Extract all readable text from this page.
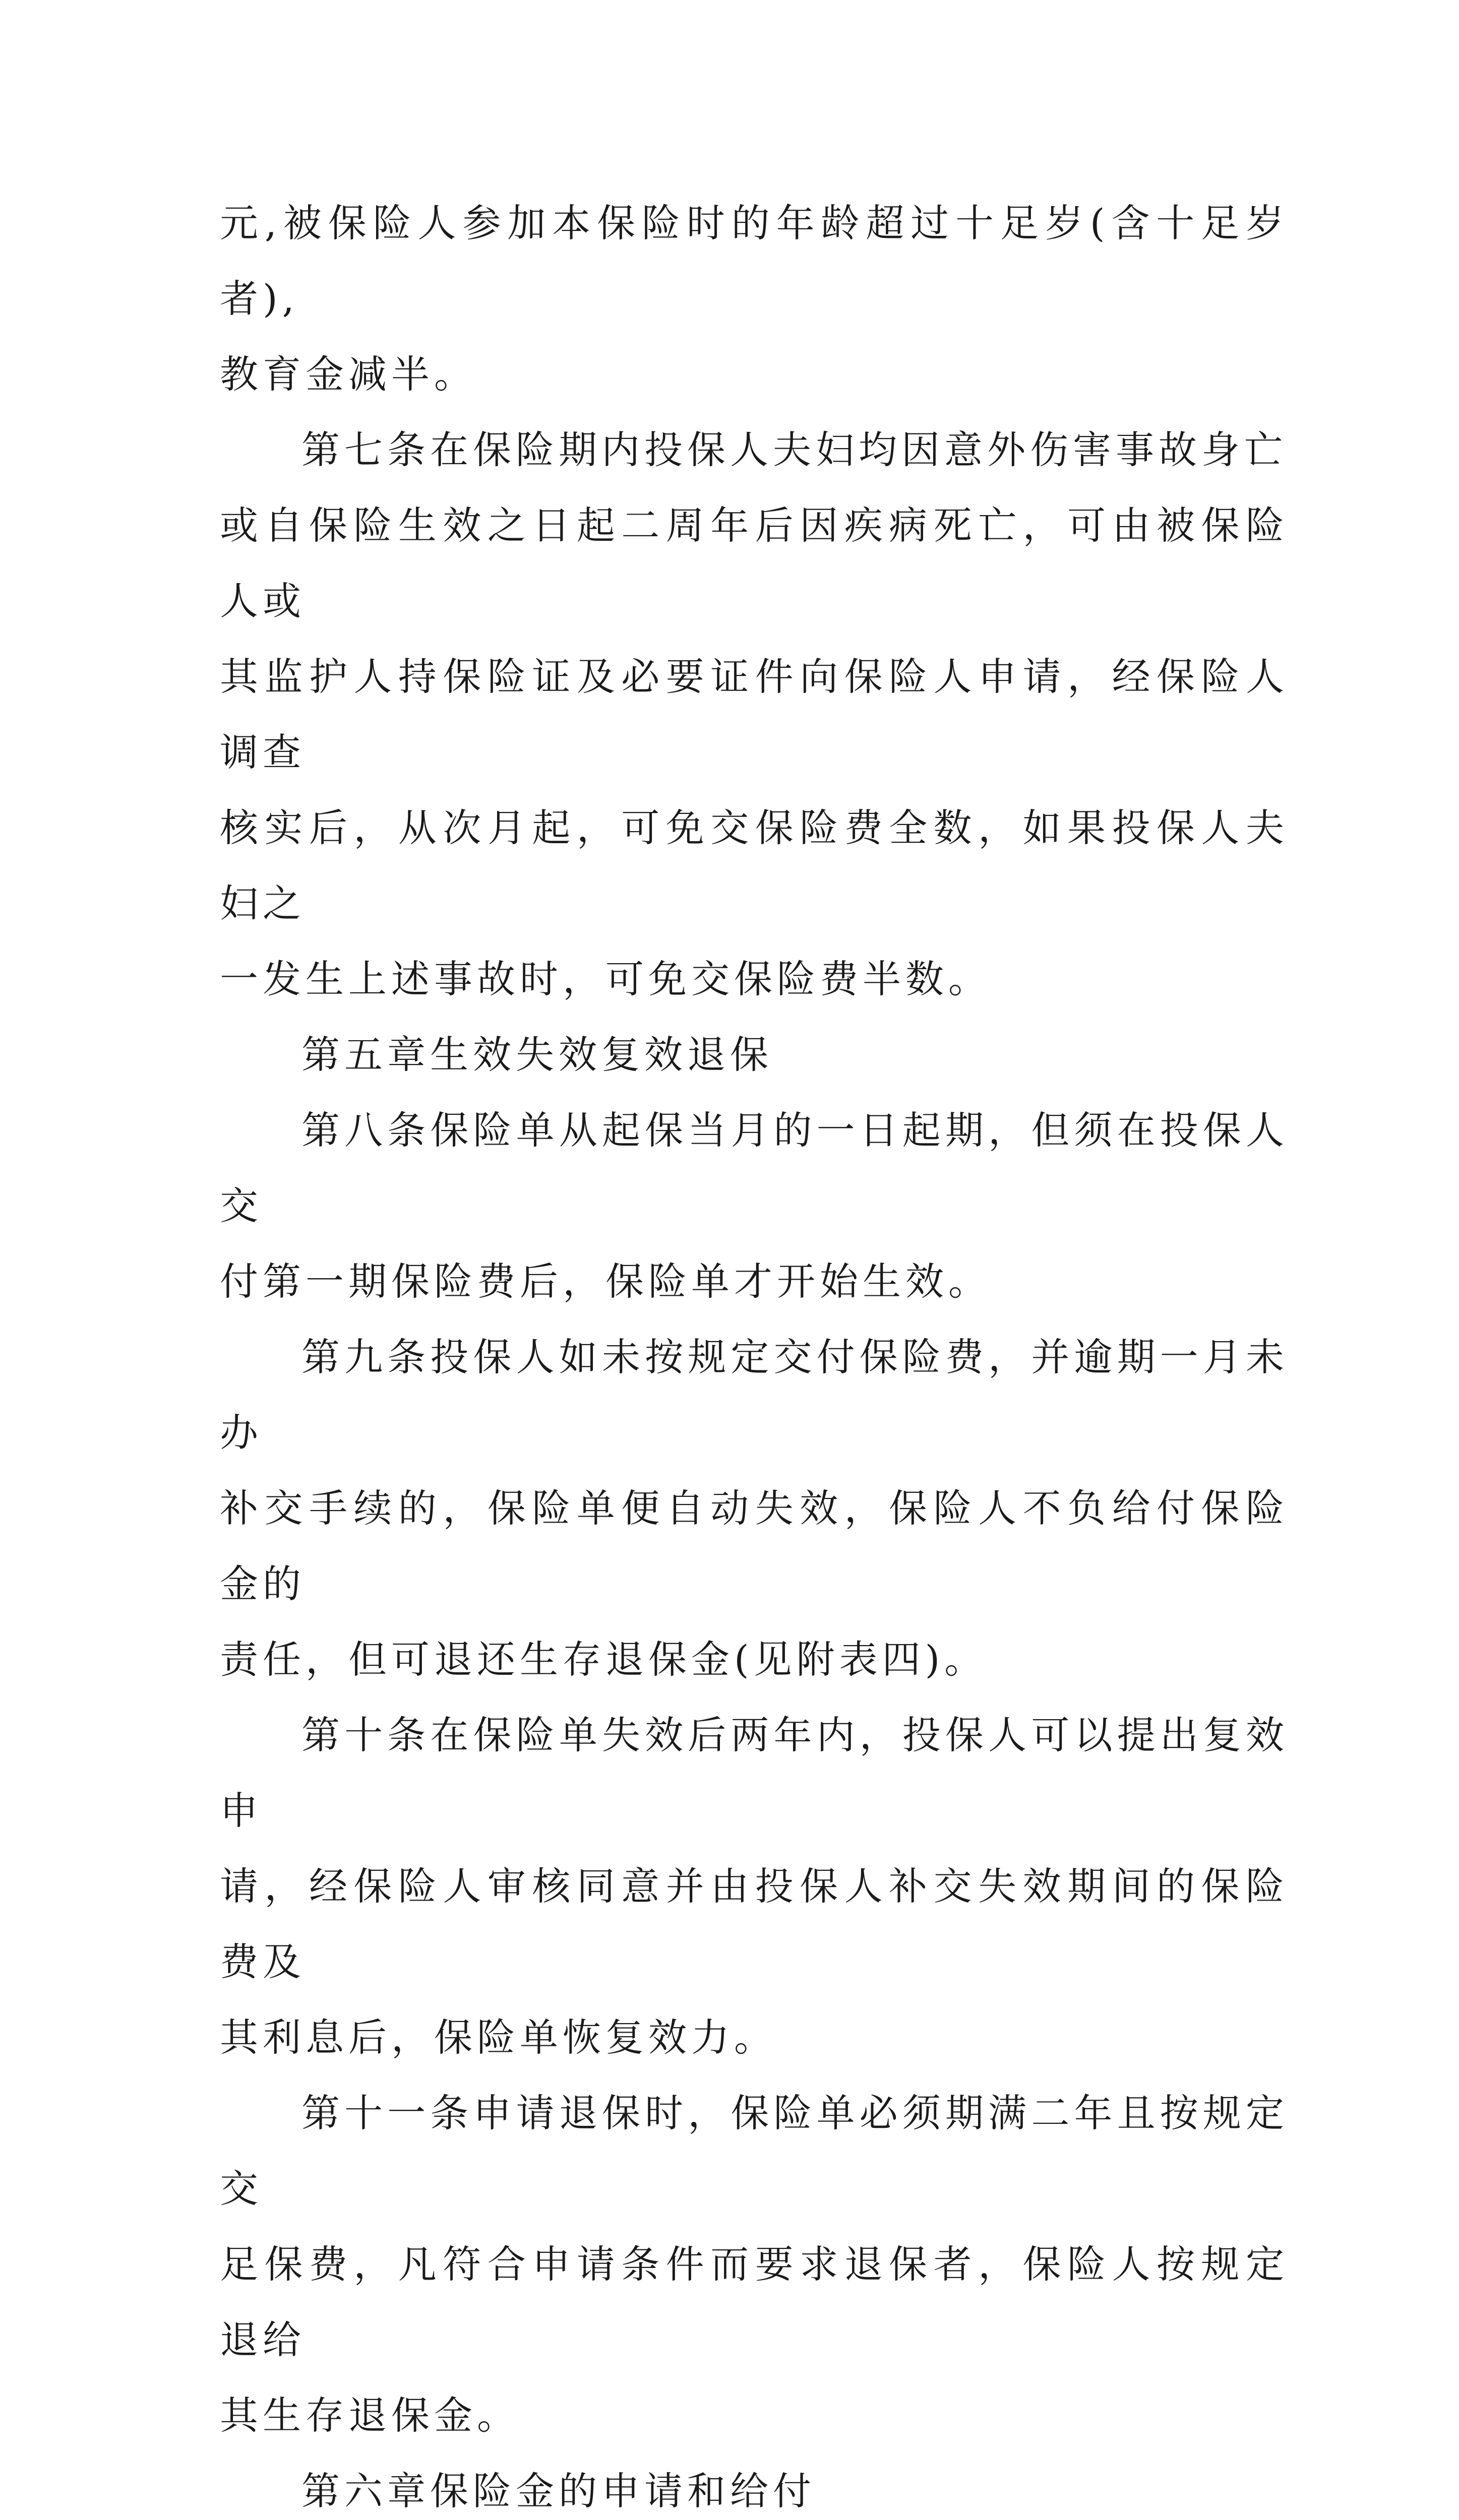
元,被保险人参加本保险时的年龄超过十足岁(含十足岁者),
教育金减半。

第七条在保险期内投保人夫妇均因意外伤害事故身亡
或自保险生效之日起二周年后因疾病死亡，可由被保险人或
其监护人持保险证及必要证件向保险人申请，经保险人调查
核实后，从次月起，可免交保险费全数，如果投保人夫妇之
一发生上述事故时，可免交保险费半数。

第五章生效失效复效退保

第八条保险单从起保当月的一日起期，但须在投保人交
付第一期保险费后，保险单才开始生效。

第九条投保人如未按规定交付保险费，并逾期一月未办
补交手续的，保险单便自动失效，保险人不负给付保险金的
责任，但可退还生存退保金(见附表四)。

第十条在保险单失效后两年内，投保人可以提出复效申
请，经保险人审核同意并由投保人补交失效期间的保险费及
其利息后，保险单恢复效力。

第十一条申请退保时，保险单必须期满二年且按规定交
足保费，凡符合申请条件而要求退保者，保险人按规定退给
其生存退保金。

第六章保险金的申请和给付
